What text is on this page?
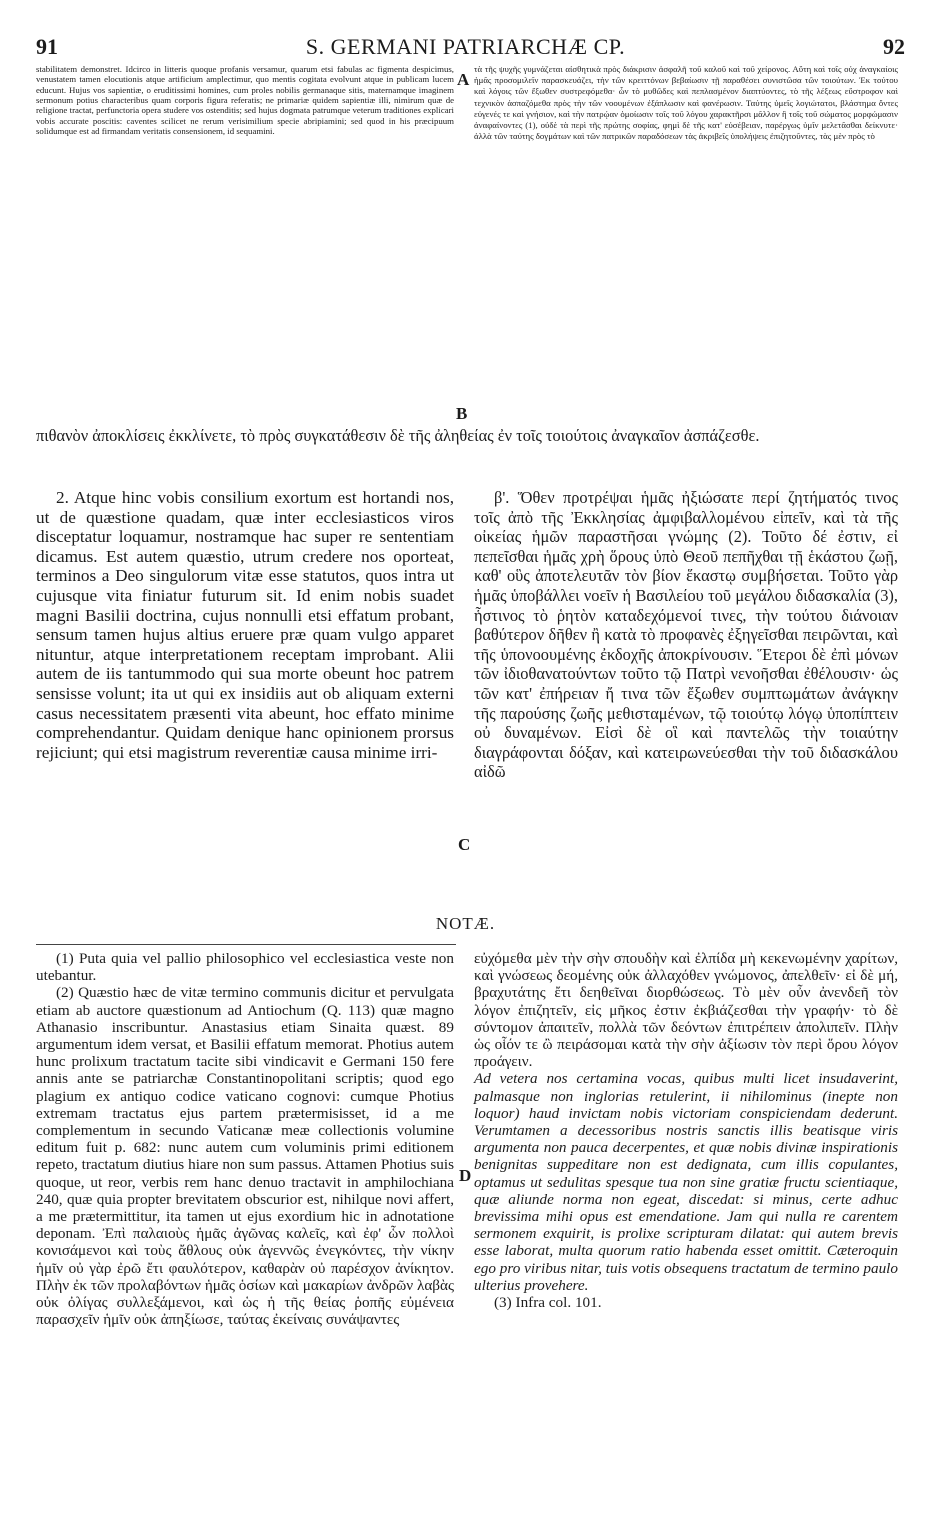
91	S. GERMANI PATRIARCHÆ CP.	92

stabilitatem demonstret. Idcirco in litteris quoque profanis versamur, quarum etsi fabulas ac figmenta despicimus, venustatem tamen elocutionis atque artificium amplectimur, quo mentis cogitata evolvunt atque in publicam lucem educunt. Hujus vos sapientiæ, o eruditissimi homines, cum proles nobilis germanaque sitis, maternamque imaginem sermonum potius characteribus quam corporis figura referatis; ne primariæ quidem sapientiæ illi, nimirum quæ de religione tractat, perfunctoria opera studere vos ostenditis; sed hujus dogmata patrumque veterum traditiones explicari vobis accurate poscitis: caventes scilicet ne rerum verisimilium specie abripiamini; sed quod in his præcipuum solidumque est ad firmandam veritatis consensionem, id sequamini.

τὰ τῆς ψυχῆς γυμνάζεται αἰσθητικὰ πρὸς διάκρισιν ἀσφαλῆ τοῦ καλοῦ καὶ τοῦ χείρονος. Αὕτη καὶ τοῖς οὐχ ἀναγκαίοις ἡμᾶς προσομιλεῖν παρασκευάζει, τὴν τῶν κρειττόνων βεβαίωσιν τῇ παραθέσει συνιστῶσα τῶν τοιούτων. Ἐκ τούτου καὶ λόγοις τῶν ἔξωθεν συστρεφόμεθα· ὧν τὸ μυθῶδες καὶ πεπλασμένον διαπτύοντες, τὸ τῆς λέξεως εὔστροφον καὶ τεχνικὸν ἀσπαζόμεθα πρὸς τὴν τῶν νοουμένων ἐξάπλωσιν καὶ φανέρωσιν. Ταύτης ὑμεῖς λογιώτατοι, βλάστημα ὄντες εὐγενές τε καὶ γνήσιον, καὶ τὴν πατρῴαν ὁμοίωσιν τοῖς τοῦ λόγου χαρακτῆρσι μᾶλλον ἢ τοῖς τοῦ σώματος μορφώμασιν ἀναφαίνοντες (1), οὐδὲ τὰ περὶ τῆς πρώτης σοφίας, φημὶ δὲ τῆς κατ' εὐσέβειαν, παρέργως ὑμῖν μελετᾶσθαι δείκνυτε· ἀλλὰ τῶν ταύτης δογμάτων καὶ τῶν πατρικῶν παραδόσεων τὰς ἀκριβεῖς ὑπολήψεις ἐπιζητοῦντες, τὰς μὲν πρὸς τὸ

A
B

πιθανὸν ἀποκλίσεις ἐκκλίνετε, τὸ πρὸς συγκατάθεσιν δὲ τῆς ἀληθείας ἐν τοῖς τοιούτοις ἀναγκαῖον ἀσπάζεσθε.

2. Atque hinc vobis consilium exortum est hortandi nos, ut de quæstione quadam, quæ inter ecclesiasticos viros disceptatur loquamur, nostramque hac super re sententiam dicamus. Est autem quæstio, utrum credere nos oporteat, terminos a Deo singulorum vitæ esse statutos, quos intra ut cujusque vita finiatur futurum sit. Id enim nobis suadet magni Basilii doctrina, cujus nonnulli etsi effatum probant, sensum tamen hujus altius eruere præ quam vulgo apparet nituntur, atque interpretationem receptam improbant. Alii autem de iis tantummodo qui sua morte obeunt hoc patrem sensisse volunt; ita ut qui ex insidiis aut ob aliquam externi casus necessitatem præsenti vita abeunt, hoc effato minime comprehendantur. Quidam denique hanc opinionem prorsus rejiciunt; qui etsi magistrum reverentiæ causa minime irri-

β'. Ὅθεν προτρέψαι ἡμᾶς ἠξιώσατε περί ζητήματός τινος τοῖς ἀπὸ τῆς Ἐκκλησίας ἀμφιβαλλομένου εἰπεῖν, καὶ τὰ τῆς οἰκείας ἡμῶν παραστῆσαι γνώμης (2). Τοῦτο δέ ἐστιν, εἰ πεπεῖσθαι ἡμᾶς χρὴ ὅρους ὑπὸ Θεοῦ πεπῆχθαι τῇ ἑκάστου ζωῇ, καθ' οὓς ἀποτελευτᾶν τὸν βίον ἕκαστῳ συμβήσεται. Τοῦτο γὰρ ἡμᾶς ὑποβάλλει νοεῖν ἡ Βασιλείου τοῦ μεγάλου διδασκαλία (3), ἧστινος τὸ ῥητὸν καταδεχόμενοί τινες, τὴν τούτου διάνοιαν βαθύτερον δῆθεν ἢ κατὰ τὸ προφανὲς ἐξηγεῖσθαι πειρῶνται, καὶ τῆς ὑπονοουμένης ἐκδοχῆς ἀποκρίνουσιν. Ἕτεροι δὲ ἐπὶ μόνων τῶν ἰδιοθανατούντων τοῦτο τῷ Πατρὶ νενοῆσθαι ἐθέλουσιν· ὡς τῶν κατ' ἐπήρειαν ἤ τινα τῶν ἔξωθεν συμπτωμάτων ἀνάγκην τῆς παρούσης ζωῆς μεθισταμένων, τῷ τοιούτῳ λόγῳ ὑποπίπτειν οὐ δυναμένων. Εἰσὶ δὲ οἳ καὶ παντελῶς τὴν τοιαύτην διαγράφονται δόξαν, καὶ κατειρωνεύεσθαι τὴν τοῦ διδασκάλου αἰδῶ

C
NOTÆ.

(1) Puta quia vel pallio philosophico vel ecclesiastica veste non utebantur.

(2) Quæstio hæc de vitæ termino communis dicitur et pervulgata etiam ab auctore quæstionum ad Antiochum (Q. 113) quæ magno Athanasio inscribuntur. Anastasius etiam Sinaita quæst. 89 argumentum idem versat, et Basilii effatum memorat. Photius autem hunc prolixum tractatum tacite sibi vindicavit e Germani 150 fere annis ante se patriarchæ Constantinopolitani scriptis; quod ego plagium ex antiquo codice vaticano cognovi: cumque Photius extremam tractatus ejus partem prætermisisset, id a me complementum in secundo Vaticanæ meæ collectionis volumine editum fuit p. 682: nunc autem cum voluminis primi editionem repeto, tractatum diutius hiare non sum passus. Attamen Photius suis quoque, ut reor, verbis rem hanc denuo tractavit in amphilochiana 240, quæ quia propter brevitatem obscurior est, nihilque novi affert, a me prætermittitur, ita tamen ut ejus exordium hic in adnotatione deponam. Ἐπὶ παλαιοὺς ἡμᾶς ἀγῶνας καλεῖς, καὶ ἐφ' ὧν πολλοὶ κονισάμενοι καὶ τοὺς ἄθλους οὐκ ἀγεννῶς ἐνεγκόντες, τὴν νίκην ἡμῖν οὐ γὰρ ἐρῶ ἔτι φαυλότερον, καθαρὰν οὐ παρέσχον ἀνίκητον. Πλὴν ἐκ τῶν προλαβόντων ἡμᾶς ὁσίων καὶ μακαρίων ἀνδρῶν λαβὰς οὐκ ὀλίγας συλλεξάμενοι, καὶ ὡς ἡ τῆς θείας ῥοπῆς εὐμένεια παρασχεῖν ἡμῖν οὐκ ἀπηξίωσε, ταύτας ἐκείναις συνάψαντες

εὐχόμεθα μὲν τὴν σὴν σπουδὴν καὶ ἐλπίδα μὴ κεκενωμένην χαρίτων, καὶ γνώσεως δεομένης οὐκ ἀλλαχόθεν γνώμονος, ἀπελθεῖν· εἰ δὲ μή, βραχυτάτης ἔτι δεηθεῖναι διορθώσεως. Τὸ μὲν οὖν ἀνενδεῆ τὸν λόγον ἐπιζητεῖν, εἰς μῆκος ἐστιν ἐκβιάζεσθαι τὴν γραφήν· τὸ δὲ σύντομον ἀπαιτεῖν, πολλὰ τῶν δεόντων ἐπιτρέπειν ἀπολιπεῖν. Πλὴν ὡς οἷόν τε ὢ πειράσομαι κατὰ τὴν σὴν ἀξίωσιν τὸν περὶ ὅρου λόγον προάγειν.

Ad vetera nos certamina vocas, quibus multi licet insudaverint, palmasque non inglorias retulerint, ii nihilominus (inepte non loquor) haud invictam nobis victoriam conspiciendam dederunt. Verumtamen a decessoribus nostris sanctis illis beatisque viris argumenta non pauca decerpentes, et quæ nobis divinæ inspirationis benignitas suppeditare non est dedignata, cum illis copulantes, optamus ut sedulitas spesque tua non sine gratiæ fructu scientiaque, quæ aliunde norma non egeat, discedat: si minus, certe adhuc brevissima mihi opus est emendatione. Jam qui nulla re carentem sermonem exquirit, is prolixe scripturam dilatat: qui autem brevis esse laborat, multa quorum ratio habenda esset omittit. Cæteroquin ego pro viribus nitar, tuis votis obsequens tractatum de termino paulo ulterius provehere.

(3) Infra col. 101.

D
